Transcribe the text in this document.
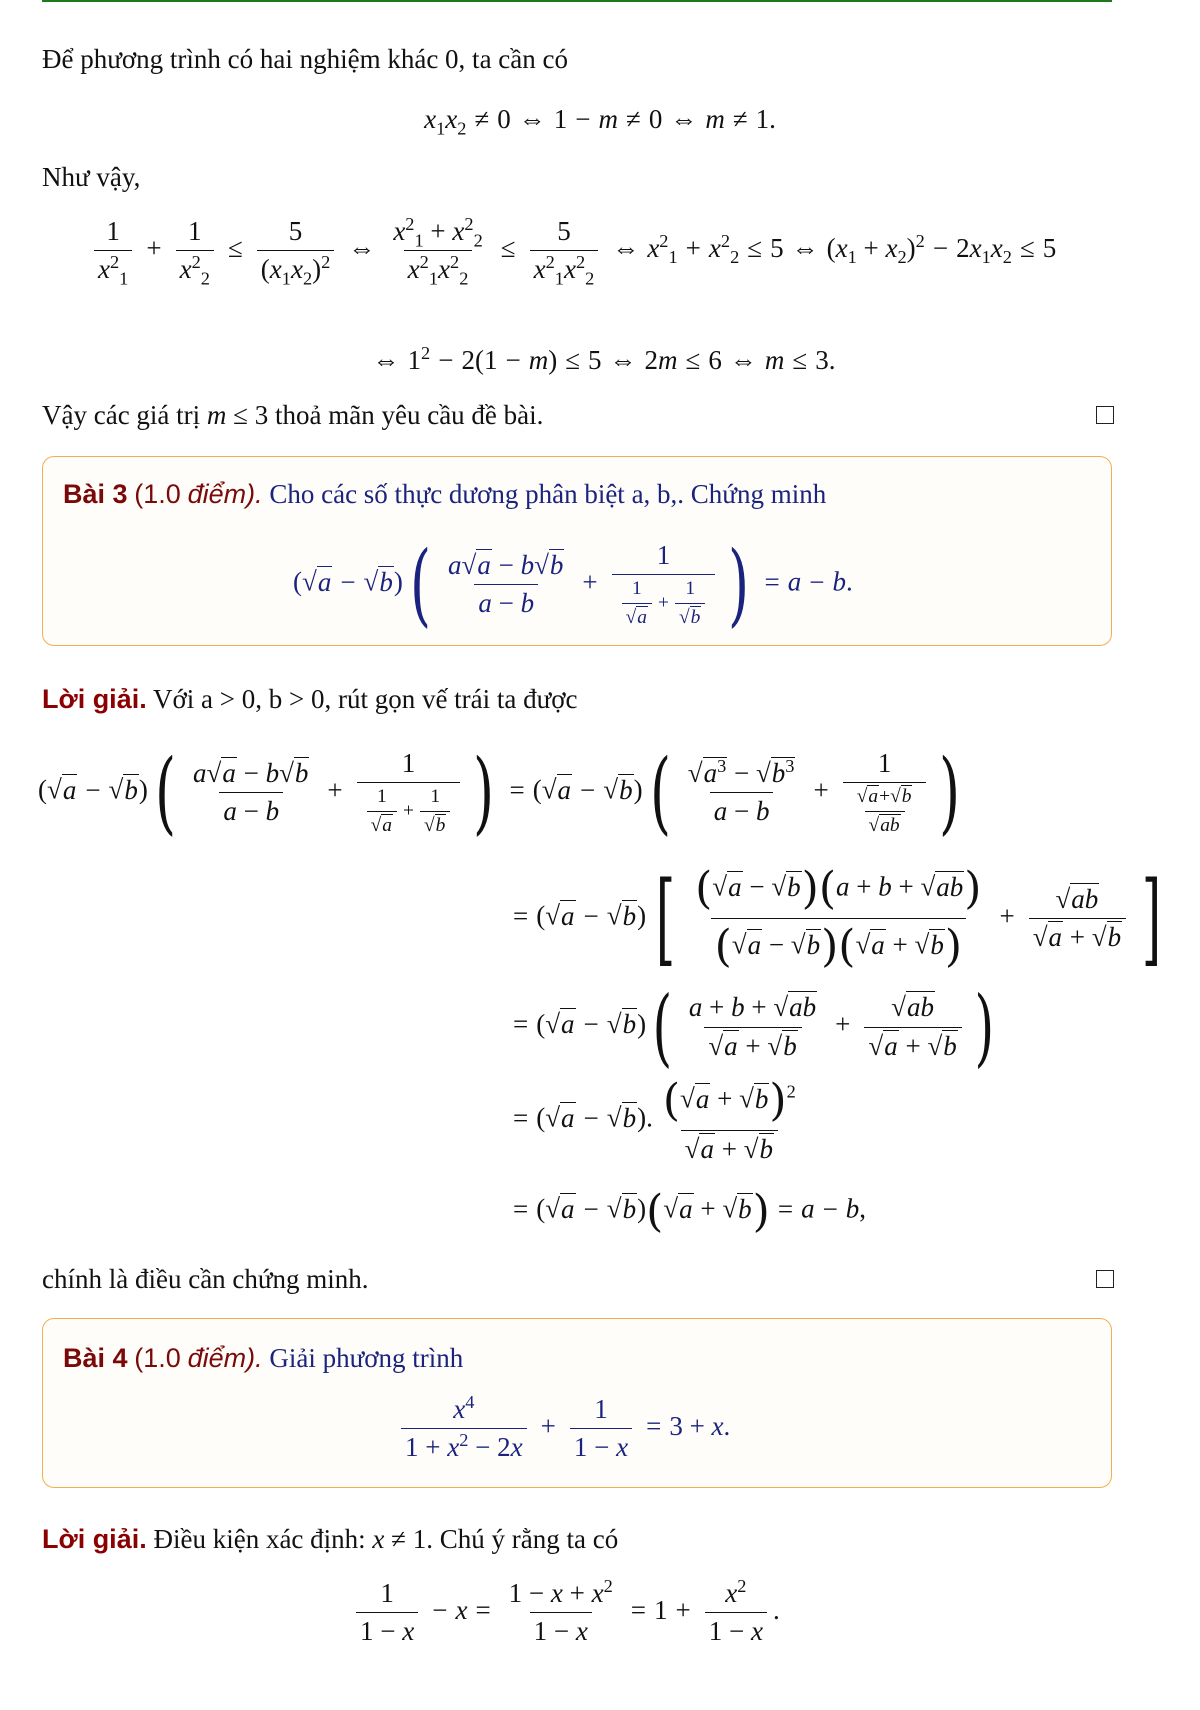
Để phương trình có hai nghiệm khác 0, ta cần có
$x_1x_2 \ne 0$ ⇔ 1 − m ≠ 0 ⇔ m ≠ 1.
Như vậy,
$\frac{1}{x^2_1} + \frac{1}{x^2_2} \le \frac{5}{(x_1x_2)^2}$ ⇔ $\frac{x^2_1 + x^2_2}{x^2_1x^2_2} \le \frac{5}{x^2_1x^2_2}$ ⇔ $x^2_1 + x^2_2 \le 5$ ⇔ $(x_1 + x_2)^2 - 2x_1x_2 \le 5$
⇔ $1^2 - 2(1 - m) \le 5$ ⇔ 2m ≤ 6 ⇔ m ≤ 3.
Vậy các giá trị m ≤ 3 thoả mãn yêu cầu đề bài.
Bài 3 (1.0 điểm). Cho các số thực dương phân biệt a, b,. Chứng minh
$(√a - √b)( \frac{a√a - b√b}{a - b}$ +
1
$\frac{1}{√a} + \frac{1}{√b}$ ) = a − b.
Lời giải. Với a > 0, b > 0, rút gọn vế trái ta được
$(√a - √b)( \frac{a√a - b√b}{a - b}$ +
1
$\frac{1}{√a} + \frac{1}{√b}$ ) = $(√a - √b)( \frac{√a^3 - √b^3}{a - b}$ +
1
$\frac{√a+√b}{√ab}$ )
= $(√a - √b)[ \frac{(√a - √b)(a + b + √ab)}{(√a - √b)(√a + √b)} + \frac{√ab}{√a + √b}$ ]
= $(√a - √b)( \frac{a + b + √ab}{√a + √b} + \frac{√ab}{√a + √b}$ )
= (√a − √b). $\frac{(√a + √b)^2}{√a + √b}$
= (√a − √b)(√a + √b) = a − b,
chính là điều cần chứng minh.
Bài 4 (1.0 điểm). Giải phương trình
$\frac{x^4}{1 + x^2 - 2x} + \frac{1}{1 - x} = 3 + x$.
Lời giải. Điều kiện xác định: x ≠ 1. Chú ý rằng ta có
$\frac{1}{1 - x} - x = \frac{1 - x + x^2}{1 - x} = 1 + \frac{x^2}{1 - x}$ .
